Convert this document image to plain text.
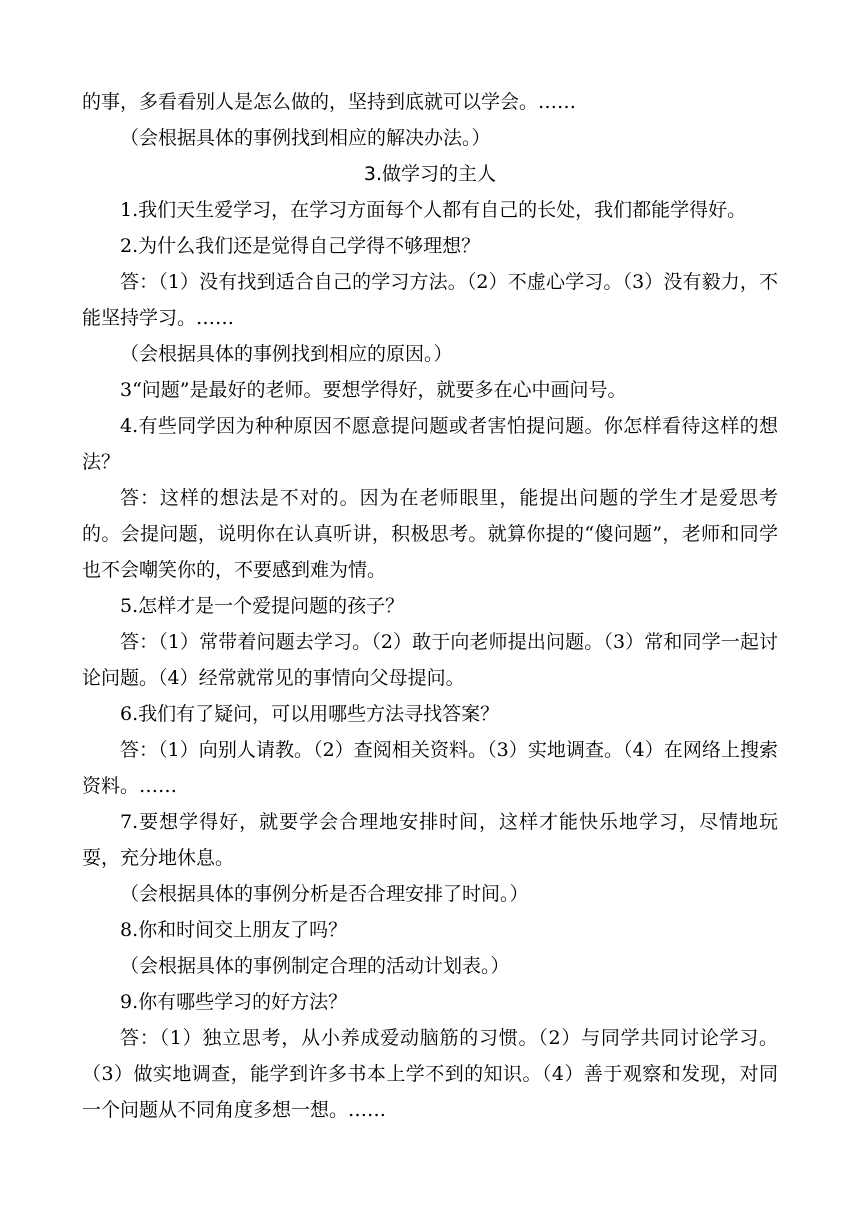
的事，多看看别人是怎么做的，坚持到底就可以学会。……

（会根据具体的事例找到相应的解决办法。）

3.做学习的主人

1.我们天生爱学习，在学习方面每个人都有自己的长处，我们都能学得好。

2.为什么我们还是觉得自己学得不够理想？

答：（1）没有找到适合自己的学习方法。（2）不虚心学习。（3）没有毅力，不能坚持学习。……

（会根据具体的事例找到相应的原因。）

3“问题”是最好的老师。要想学得好，就要多在心中画问号。

4.有些同学因为种种原因不愿意提问题或者害怕提问题。你怎样看待这样的想法？

答：这样的想法是不对的。因为在老师眼里，能提出问题的学生才是爱思考的。会提问题，说明你在认真听讲，积极思考。就算你提的“傻问题”，老师和同学也不会嘲笑你的，不要感到难为情。

5.怎样才是一个爱提问题的孩子？

答：（1）常带着问题去学习。（2）敢于向老师提出问题。（3）常和同学一起讨论问题。（4）经常就常见的事情向父母提问。

6.我们有了疑问，可以用哪些方法寻找答案？

答：（1）向别人请教。（2）查阅相关资料。（3）实地调查。（4）在网络上搜索资料。……

7.要想学得好，就要学会合理地安排时间，这样才能快乐地学习，尽情地玩耍，充分地休息。

（会根据具体的事例分析是否合理安排了时间。）

8.你和时间交上朋友了吗？

（会根据具体的事例制定合理的活动计划表。）

9.你有哪些学习的好方法？

答：（1）独立思考，从小养成爱动脑筋的习惯。（2）与同学共同讨论学习。（3）做实地调查，能学到许多书本上学不到的知识。（4）善于观察和发现，对同一个问题从不同角度多想一想。……
